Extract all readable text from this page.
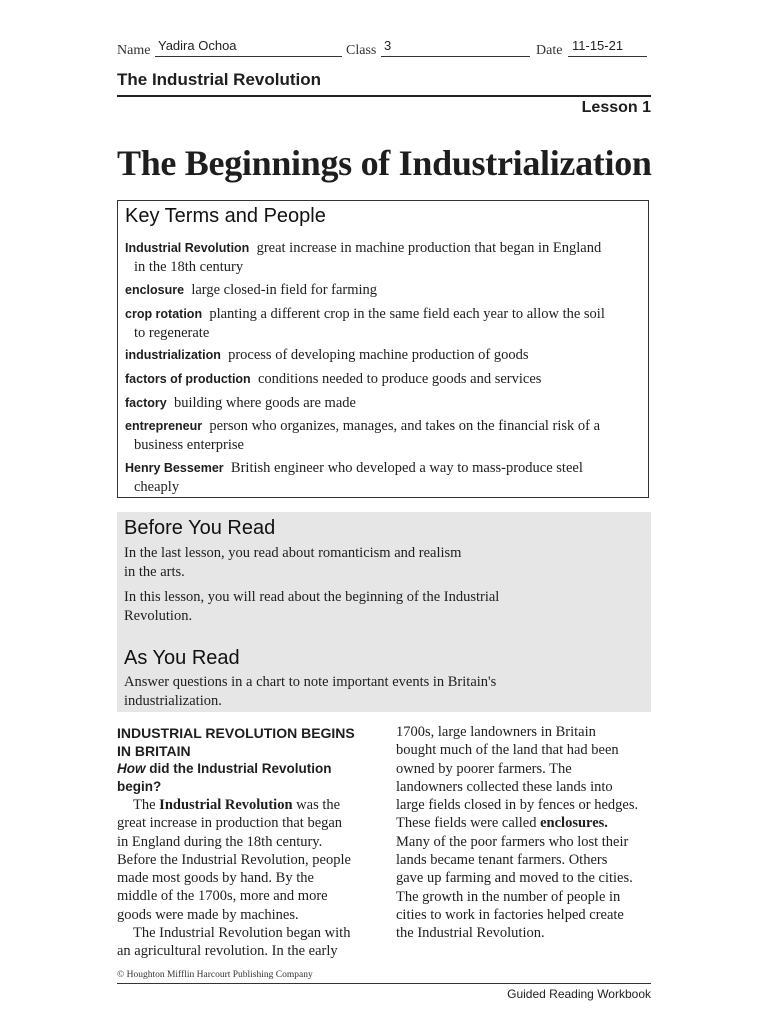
Name Yadira Ochoa	Class 3	Date 11-15-21
The Industrial Revolution
Lesson 1
The Beginnings of Industrialization
Key Terms and People
Industrial Revolution great increase in machine production that began in England
in the 18th century
enclosure large closed-in field for farming
crop rotation planting a different crop in the same field each year to allow the soil
to regenerate
industrialization process of developing machine production of goods
factors of production conditions needed to produce goods and services
factory building where goods are made
entrepreneur person who organizes, manages, and takes on the financial risk of a
business enterprise
Henry Bessemer British engineer who developed a way to mass-produce steel
cheaply
Before You Read

In the last lesson, you read about romanticism and realism
in the arts.

In this lesson, you will read about the beginning of the Industrial
Revolution.

As You Read

Answer questions in a chart to note important events in Britain's
industrialization.

INDUSTRIAL REVOLUTION BEGINS
IN BRITAIN
How did the Industrial Revolution
begin?
The Industrial Revolution was the
great increase in production that began
in England during the 18th century.
Before the Industrial Revolution, people
made most goods by hand. By the
middle of the 1700s, more and more
goods were made by machines.
The Industrial Revolution began with
an agricultural revolution. In the early
1700s, large landowners in Britain
bought much of the land that had been
owned by poorer farmers. The
landowners collected these lands into
large fields closed in by fences or hedges.
These fields were called enclosures.
Many of the poor farmers who lost their
lands became tenant farmers. Others
gave up farming and moved to the cities.
The growth in the number of people in
cities to work in factories helped create
the Industrial Revolution.
© Houghton Mifflin Harcourt Publishing Company
Guided Reading Workbook
